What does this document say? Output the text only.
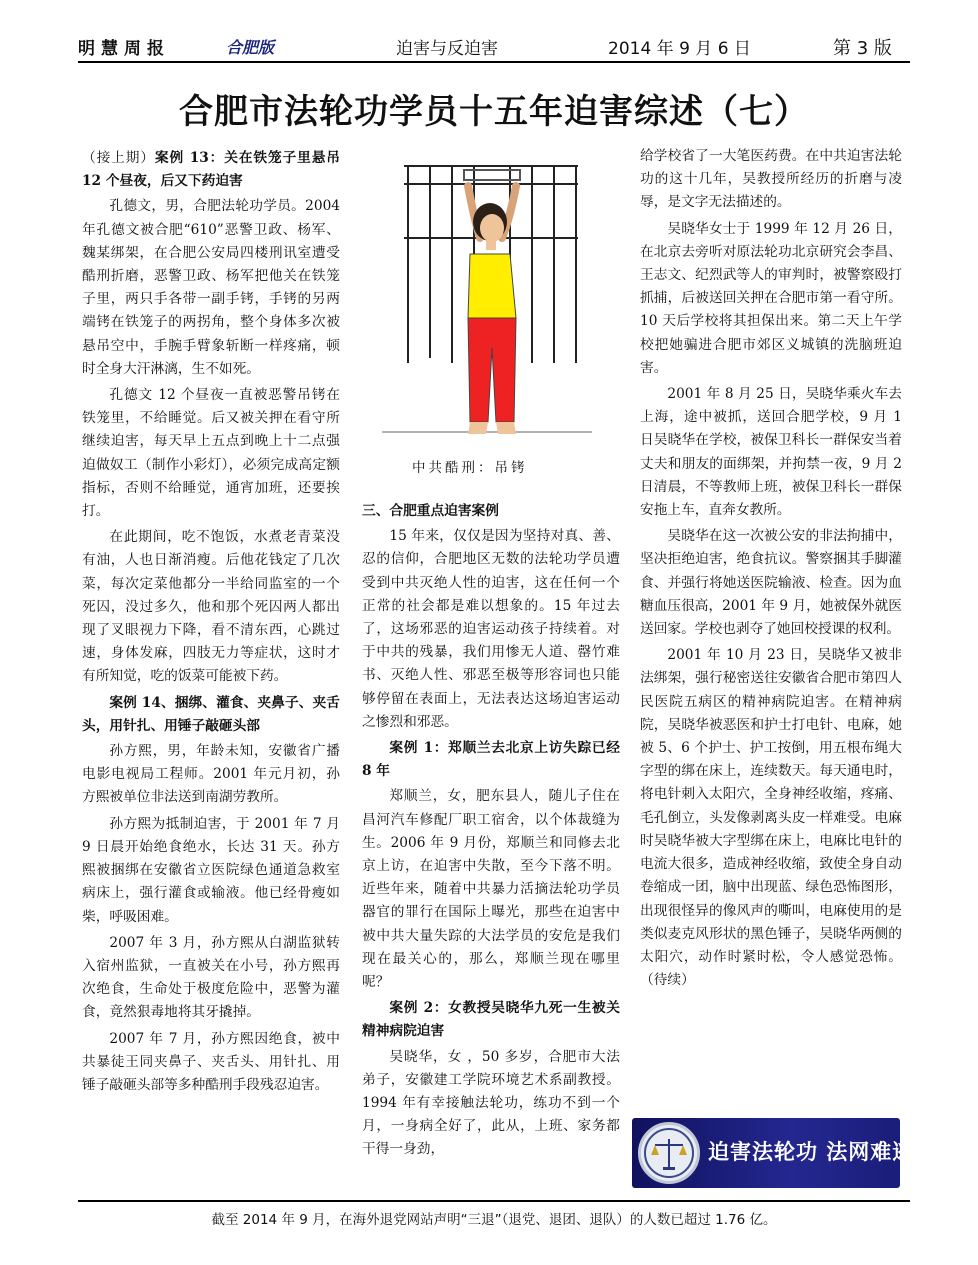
明慧周报	合肥版	迫害与反迫害	2014 年 9 月 6 日	第 3 版
合肥市法轮功学员十五年迫害综述（七）
（接上期）案例 13：关在铁笼子里悬吊 12 个昼夜，后又下药迫害

孔德文，男，合肥法轮功学员。2004 年孔德文被合肥“610”恶警卫政、杨军、魏某绑架，在合肥公安局四楼刑讯室遭受酷刑折磨，恶警卫政、杨军把他关在铁笼子里，两只手各带一副手铐，手铐的另两端铐在铁笼子的两拐角，整个身体多次被悬吊空中，手腕手臂象斩断一样疼痛，顿时全身大汗淋漓，生不如死。

孔德文 12 个昼夜一直被恶警吊铐在铁笼里，不给睡觉。后又被关押在看守所继续迫害，每天早上五点到晚上十二点强迫做奴工（制作小彩灯），必须完成高定额指标，否则不给睡觉，通宵加班，还要挨打。

在此期间，吃不饱饭，水煮老青菜没有油，人也日渐消瘦。后他花钱定了几次菜，每次定菜他都分一半给同监室的一个死囚，没过多久，他和那个死囚两人都出现了叉眼视力下降，看不清东西，心跳过速，身体发麻，四肢无力等症状，这时才有所知觉，吃的饭菜可能被下药。

案例 14、捆绑、灌食、夹鼻子、夹舌头，用针扎、用锤子敲砸头部

孙方熙，男，年龄未知，安徽省广播电影电视局工程师。2001 年元月初，孙方熙被单位非法送到南湖劳教所。

孙方熙为抵制迫害，于 2001 年 7 月 9 日晨开始绝食绝水，长达 31 天。孙方熙被捆绑在安徽省立医院绿色通道急救室病床上，强行灌食或输液。他已经骨瘦如柴，呼吸困难。

2007 年 3 月，孙方熙从白湖监狱转入宿州监狱，一直被关在小号，孙方熙再次绝食，生命处于极度危险中，恶警为灌食，竟然狠毒地将其牙撬掉。

2007 年 7 月，孙方熙因绝食，被中共暴徒王同夹鼻子、夹舌头、用针扎、用锤子敲砸头部等多种酷刑手段残忍迫害。

中共酷刑：吊铐
三、合肥重点迫害案例

15 年来，仅仅是因为坚持对真、善、忍的信仰，合肥地区无数的法轮功学员遭受到中共灭绝人性的迫害，这在任何一个正常的社会都是难以想象的。15 年过去了，这场邪恶的迫害运动孩子持续着。对于中共的残暴，我们用惨无人道、罄竹难书、灭绝人性、邪恶至极等形容词也只能够停留在表面上，无法表达这场迫害运动之惨烈和邪恶。

案例 1：郑顺兰去北京上访失踪已经 8 年

郑顺兰，女，肥东县人，随儿子住在昌河汽车修配厂职工宿舍，以个体裁缝为生。2006 年 9 月份，郑顺兰和同修去北京上访，在迫害中失散，至今下落不明。近些年来，随着中共暴力活摘法轮功学员器官的罪行在国际上曝光，那些在迫害中被中共大量失踪的大法学员的安危是我们现在最关心的，那么，郑顺兰现在哪里呢？

案例 2：女教授吴晓华九死一生被关精神病院迫害

吴晓华，女 ，50 多岁，合肥市大法弟子，安徽建工学院环境艺术系副教授。1994 年有幸接触法轮功，练功不到一个月，一身病全好了，此从，上班、家务都干得一身劲，

给学校省了一大笔医药费。在中共迫害法轮功的这十几年，吴教授所经历的折磨与凌辱，是文字无法描述的。

吴晓华女士于 1999 年 12 月 26 日，在北京去旁听对原法轮功北京研究会李昌、王志文、纪烈武等人的审判时，被警察殴打抓捕，后被送回关押在合肥市第一看守所。10 天后学校将其担保出来。第二天上午学校把她骗进合肥市郊区义城镇的洗脑班迫害。

2001 年 8 月 25 日，吴晓华乘火车去上海，途中被抓，送回合肥学校，9 月 1 日吴晓华在学校，被保卫科长一群保安当着丈夫和朋友的面绑架，并拘禁一夜，9 月 2 日清晨，不等教师上班，被保卫科长一群保安拖上车，直奔女教所。

吴晓华在这一次被公安的非法拘捕中，坚决拒绝迫害，绝食抗议。警察捆其手脚灌食、并强行将她送医院输液、检查。因为血糖血压很高，2001 年 9 月，她被保外就医送回家。学校也剥夺了她回校授课的权利。

2001 年 10 月 23 日，吴晓华又被非法绑架，强行秘密送往安徽省合肥市第四人民医院五病区的精神病院迫害。在精神病院，吴晓华被恶医和护士打电针、电麻，她被 5、6 个护士、护工按倒，用五根布绳大字型的绑在床上，连续数天。每天通电时，将电针刺入太阳穴，全身神经收缩，疼痛、毛孔倒立，头发像剥离头皮一样难受。电麻时吴晓华被大字型绑在床上，电麻比电针的电流大很多，造成神经收缩，致使全身自动卷缩成一团，脑中出现蓝、绿色恐怖图形，出现很怪异的像风声的嘶叫，电麻使用的是类似麦克风形状的黑色锤子，吴晓华两侧的太阳穴，动作时紧时松，令人感觉恐怖。（待续）

迫害法轮功 法网难逃
截至 2014 年 9 月，在海外退党网站声明“三退”（退党、退团、退队）的人数已超过 1.76 亿。
